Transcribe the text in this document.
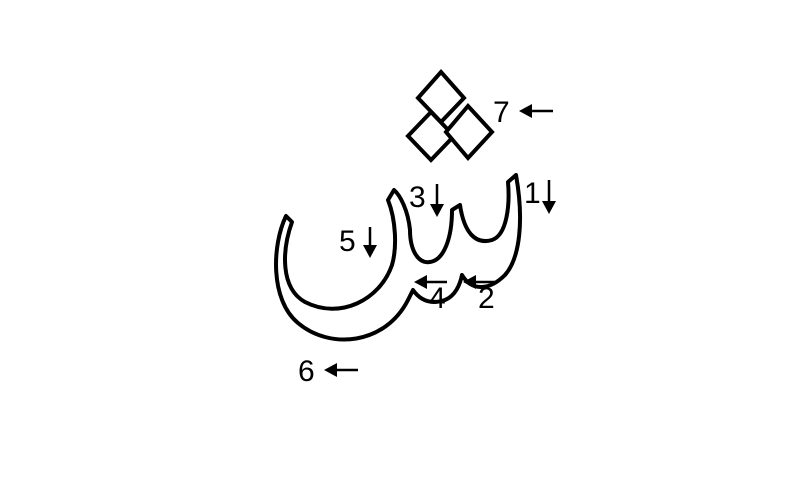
7
1
3
5
4 2
6
